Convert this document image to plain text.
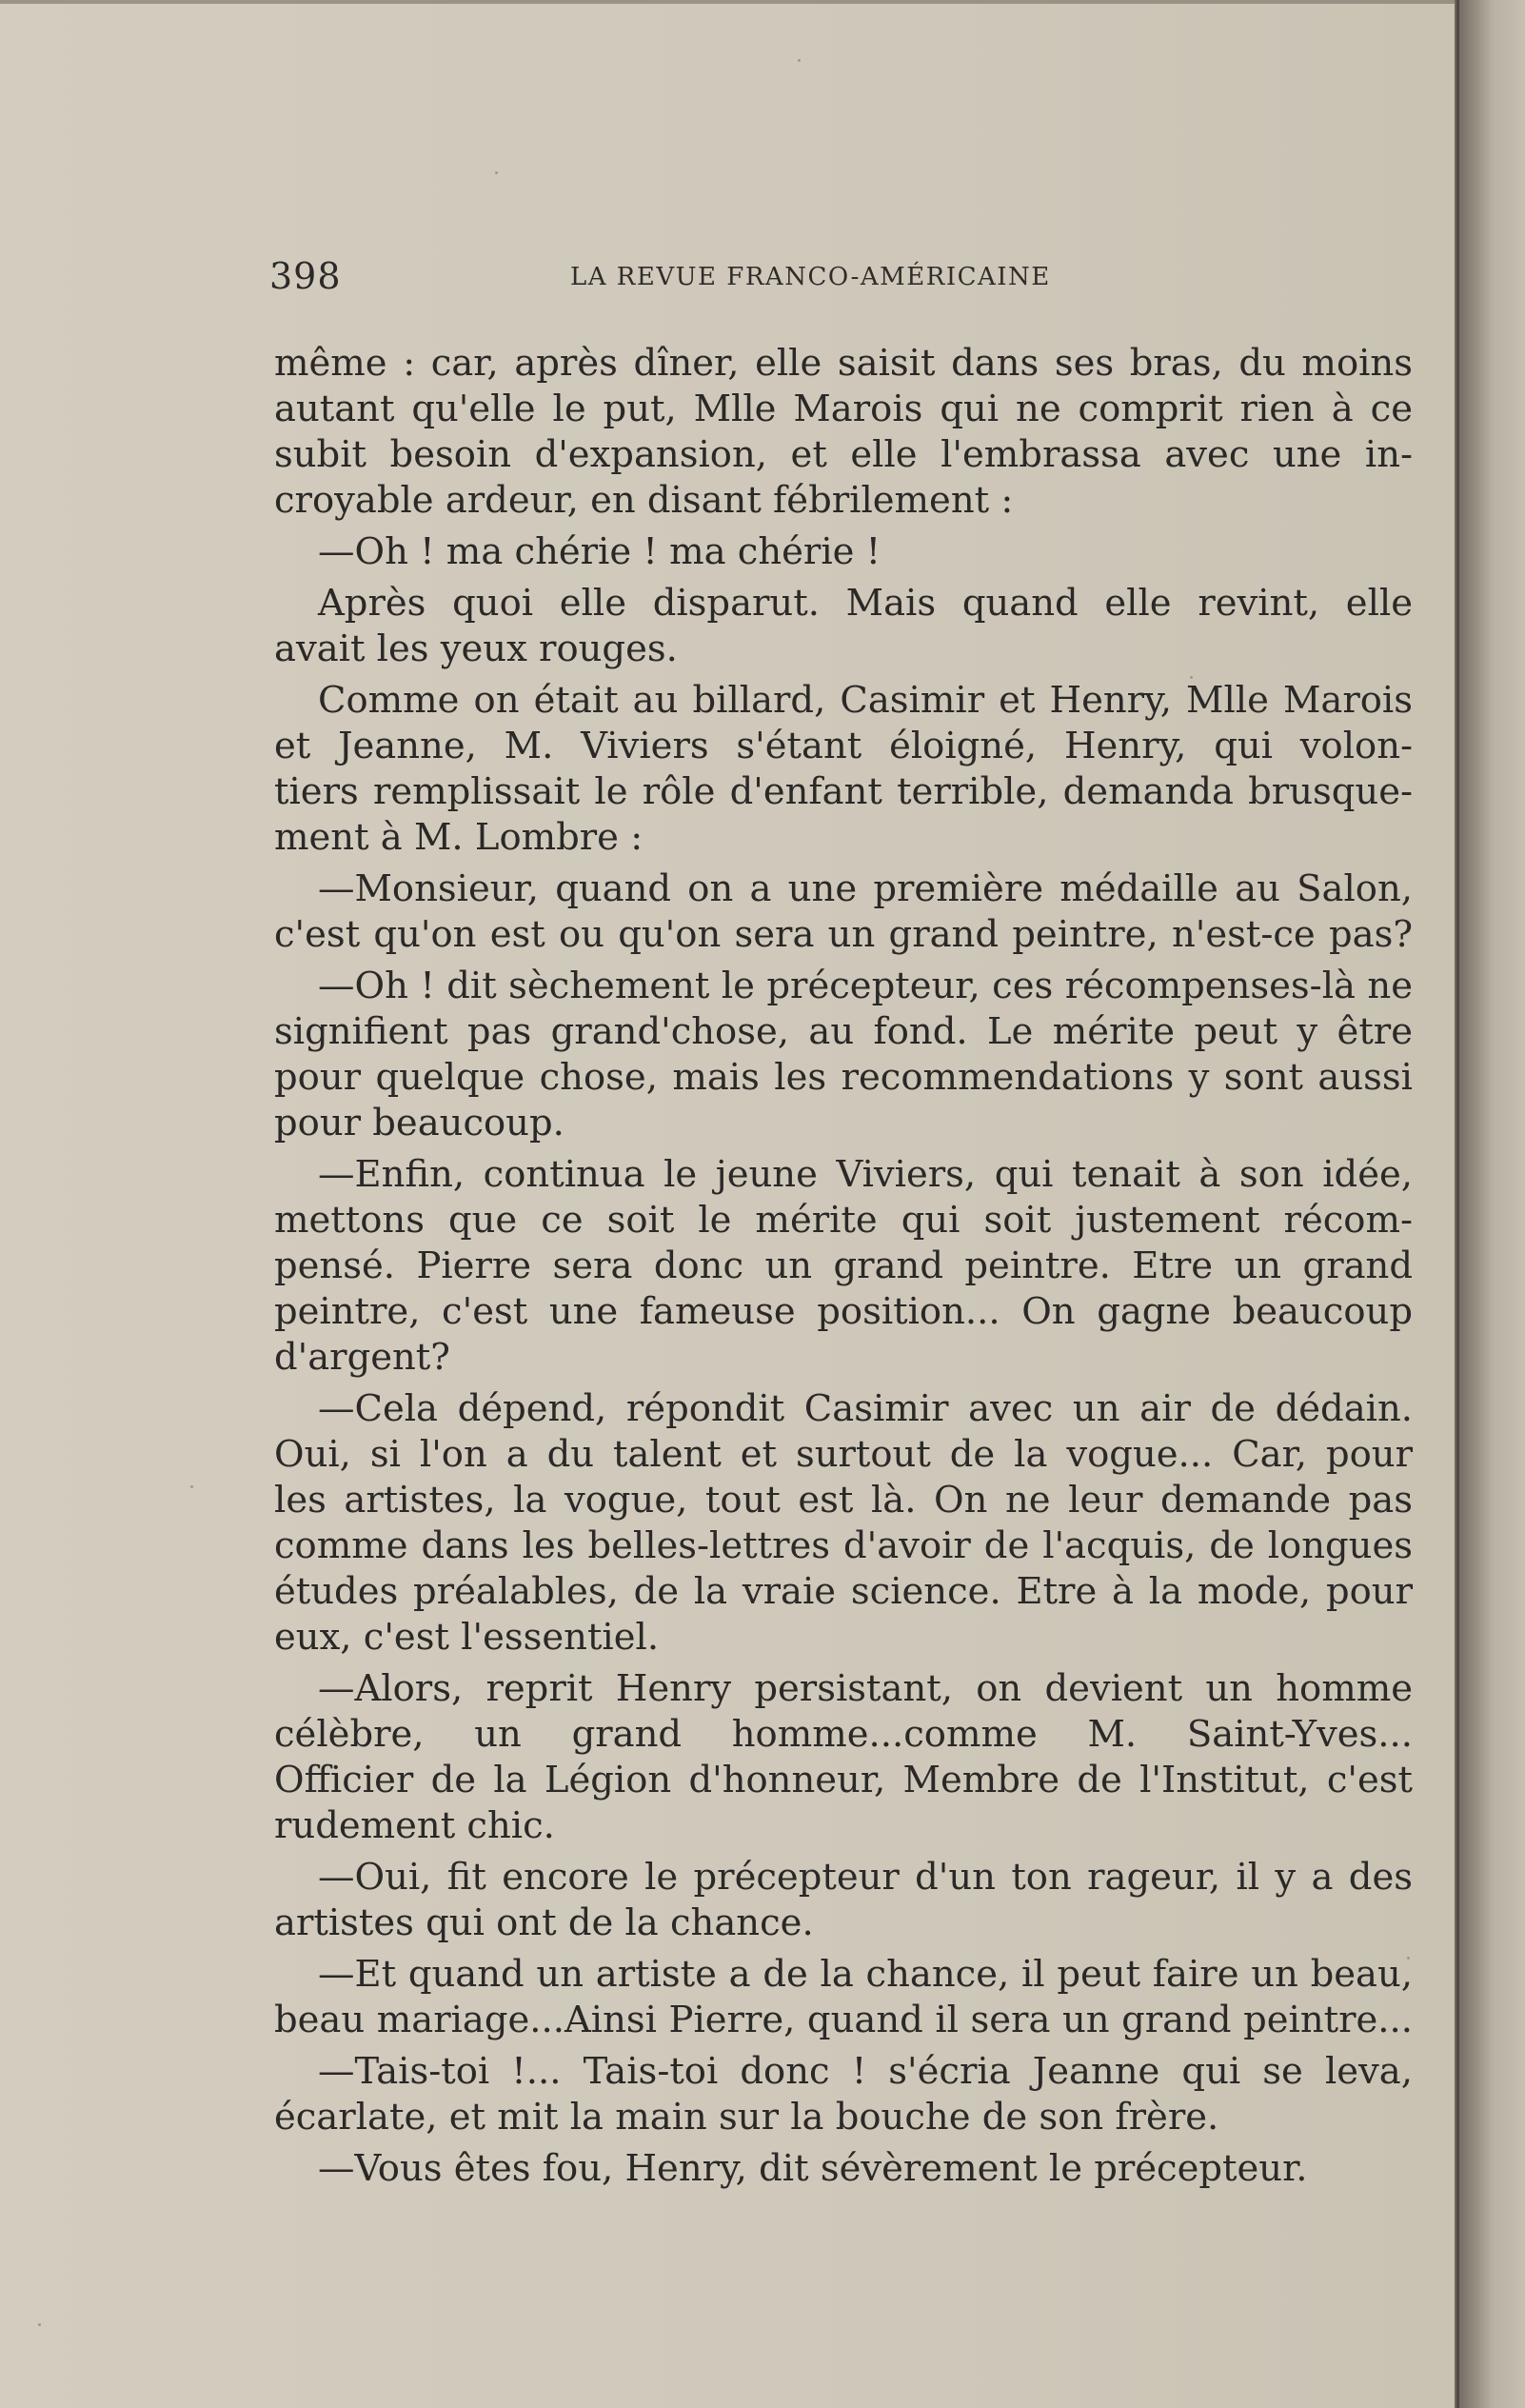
398	LA REVUE FRANCO-AMÉRICAINE
même : car, après dîner, elle saisit dans ses bras, du moins
autant qu'elle le put, Mlle Marois qui ne comprit rien à ce
subit besoin d'expansion, et elle l'embrassa avec une in-
croyable ardeur, en disant fébrilement :
—Oh ! ma chérie ! ma chérie !
Après quoi elle disparut. Mais quand elle revint, elle
avait les yeux rouges.
Comme on était au billard, Casimir et Henry, Mlle Marois
et Jeanne, M. Viviers s'étant éloigné, Henry, qui volon-
tiers remplissait le rôle d'enfant terrible, demanda brusque-
ment à M. Lombre :
—Monsieur, quand on a une première médaille au Salon,
c'est qu'on est ou qu'on sera un grand peintre, n'est-ce pas?
—Oh ! dit sèchement le précepteur, ces récompenses-là ne
signifient pas grand'chose, au fond. Le mérite peut y être
pour quelque chose, mais les recommendations y sont aussi
pour beaucoup.
—Enfin, continua le jeune Viviers, qui tenait à son idée,
mettons que ce soit le mérite qui soit justement récom-
pensé. Pierre sera donc un grand peintre. Etre un grand
peintre, c'est une fameuse position... On gagne beaucoup
d'argent?
—Cela dépend, répondit Casimir avec un air de dédain.
Oui, si l'on a du talent et surtout de la vogue... Car, pour
les artistes, la vogue, tout est là. On ne leur demande pas
comme dans les belles-lettres d'avoir de l'acquis, de longues
études préalables, de la vraie science. Etre à la mode, pour
eux, c'est l'essentiel.
—Alors, reprit Henry persistant, on devient un homme
célèbre, un grand homme...comme M. Saint-Yves...
Officier de la Légion d'honneur, Membre de l'Institut, c'est
rudement chic.
—Oui, fit encore le précepteur d'un ton rageur, il y a des
artistes qui ont de la chance.
—Et quand un artiste a de la chance, il peut faire un beau,
beau mariage...Ainsi Pierre, quand il sera un grand peintre...
—Tais-toi !... Tais-toi donc ! s'écria Jeanne qui se leva,
écarlate, et mit la main sur la bouche de son frère.
—Vous êtes fou, Henry, dit sévèrement le précepteur.
